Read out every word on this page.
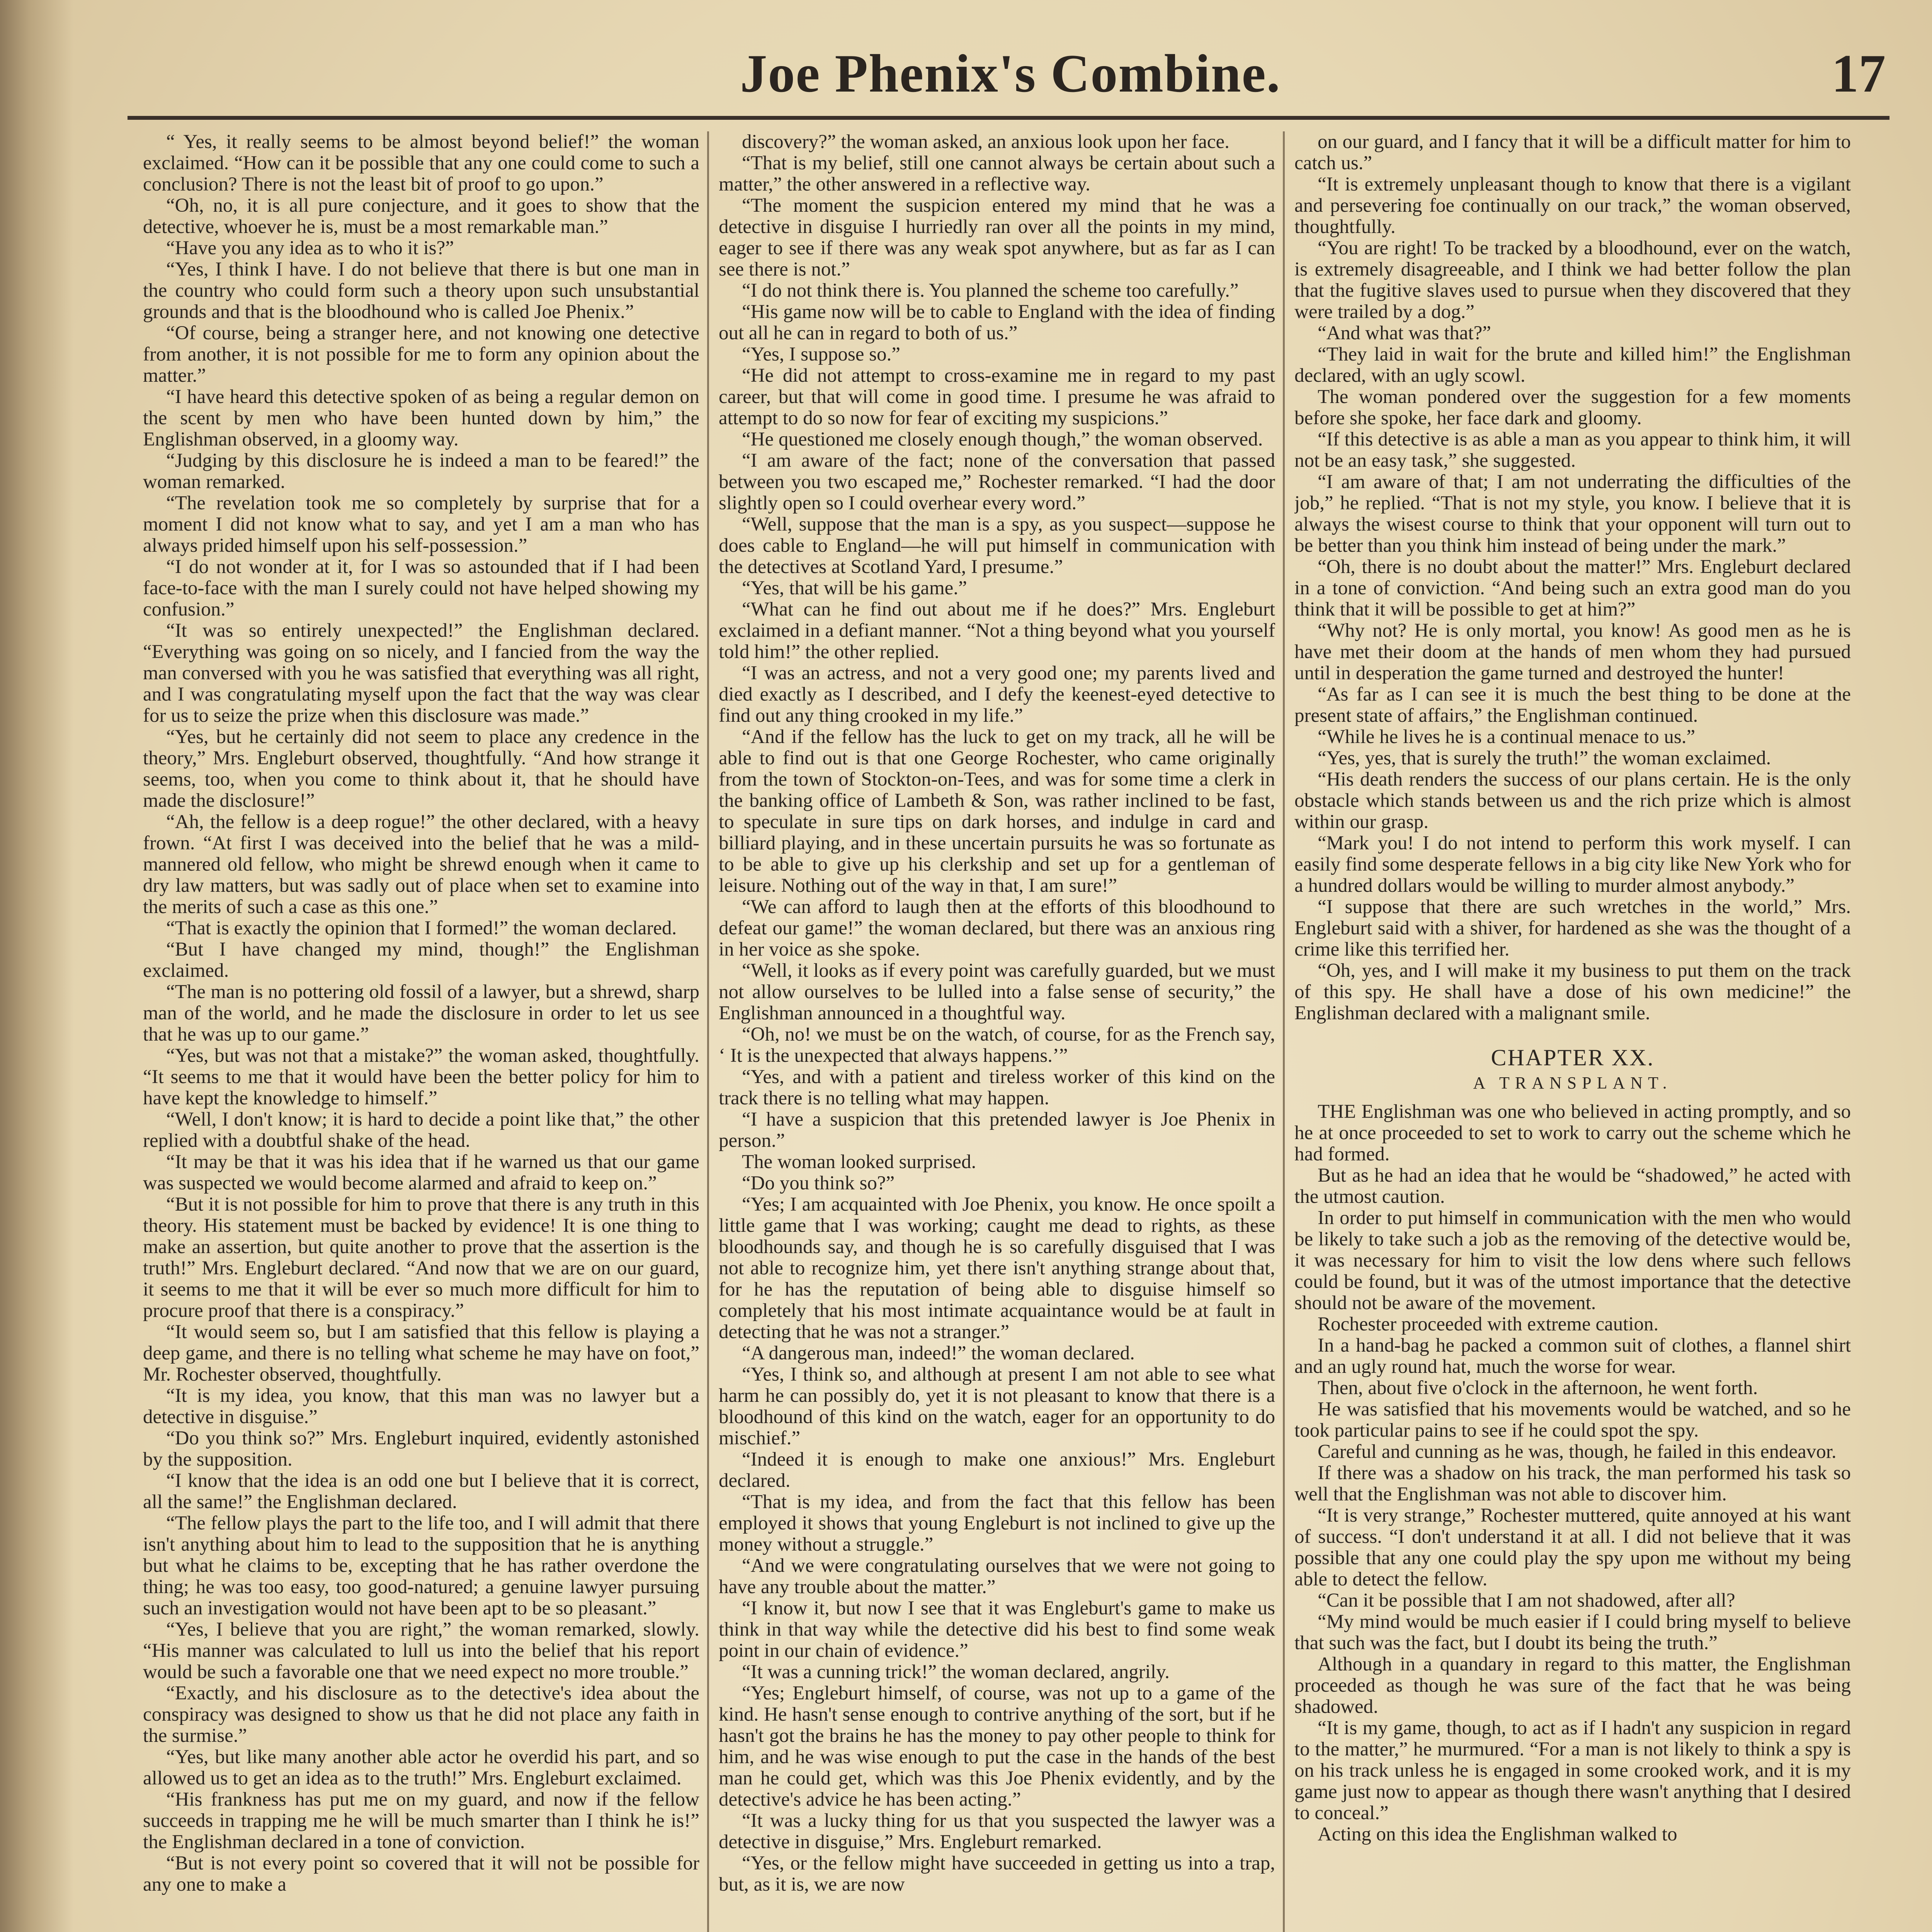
Joe Phenix's Combine.	17

“ Yes, it really seems to be almost beyond belief!” the woman exclaimed. “How can it be possible that any one could come to such a conclusion? There is not the least bit of proof to go upon.”

“Oh, no, it is all pure conjecture, and it goes to show that the detective, whoever he is, must be a most remarkable man.”

“Have you any idea as to who it is?”

“Yes, I think I have. I do not believe that there is but one man in the country who could form such a theory upon such unsubstantial grounds and that is the bloodhound who is called Joe Phenix.”

“Of course, being a stranger here, and not knowing one detective from another, it is not possible for me to form any opinion about the matter.”

“I have heard this detective spoken of as being a regular demon on the scent by men who have been hunted down by him,” the Englishman observed, in a gloomy way.

“Judging by this disclosure he is indeed a man to be feared!” the woman remarked.

“The revelation took me so completely by surprise that for a moment I did not know what to say, and yet I am a man who has always prided himself upon his self-possession.”

“I do not wonder at it, for I was so astounded that if I had been face-to-face with the man I surely could not have helped showing my confusion.”

“It was so entirely unexpected!” the Englishman declared. “Everything was going on so nicely, and I fancied from the way the man conversed with you he was satisfied that everything was all right, and I was congratulating myself upon the fact that the way was clear for us to seize the prize when this disclosure was made.”

“Yes, but he certainly did not seem to place any credence in the theory,” Mrs. Engleburt observed, thoughtfully. “And how strange it seems, too, when you come to think about it, that he should have made the disclosure!”

“Ah, the fellow is a deep rogue!” the other declared, with a heavy frown. “At first I was deceived into the belief that he was a mild-mannered old fellow, who might be shrewd enough when it came to dry law matters, but was sadly out of place when set to examine into the merits of such a case as this one.”

“That is exactly the opinion that I formed!” the woman declared.

“But I have changed my mind, though!” the Englishman exclaimed.

“The man is no pottering old fossil of a lawyer, but a shrewd, sharp man of the world, and he made the disclosure in order to let us see that he was up to our game.”

“Yes, but was not that a mistake?” the woman asked, thoughtfully. “It seems to me that it would have been the better policy for him to have kept the knowledge to himself.”

“Well, I don't know; it is hard to decide a point like that,” the other replied with a doubtful shake of the head.

“It may be that it was his idea that if he warned us that our game was suspected we would become alarmed and afraid to keep on.”

“But it is not possible for him to prove that there is any truth in this theory. His statement must be backed by evidence! It is one thing to make an assertion, but quite another to prove that the assertion is the truth!” Mrs. Engleburt declared. “And now that we are on our guard, it seems to me that it will be ever so much more difficult for him to procure proof that there is a conspiracy.”

“It would seem so, but I am satisfied that this fellow is playing a deep game, and there is no telling what scheme he may have on foot,” Mr. Rochester observed, thoughtfully.

“It is my idea, you know, that this man was no lawyer but a detective in disguise.”

“Do you think so?” Mrs. Engleburt inquired, evidently astonished by the supposition.

“I know that the idea is an odd one but I believe that it is correct, all the same!” the Englishman declared.

“The fellow plays the part to the life too, and I will admit that there isn't anything about him to lead to the supposition that he is anything but what he claims to be, excepting that he has rather overdone the thing; he was too easy, too good-natured; a genuine lawyer pursuing such an investigation would not have been apt to be so pleasant.”

“Yes, I believe that you are right,” the woman remarked, slowly. “His manner was calculated to lull us into the belief that his report would be such a favorable one that we need expect no more trouble.”

“Exactly, and his disclosure as to the detective's idea about the conspiracy was designed to show us that he did not place any faith in the surmise.”

“Yes, but like many another able actor he overdid his part, and so allowed us to get an idea as to the truth!” Mrs. Engleburt exclaimed.

“His frankness has put me on my guard, and now if the fellow succeeds in trapping me he will be much smarter than I think he is!” the Englishman declared in a tone of conviction.

“But is not every point so covered that it will not be possible for any one to make a

discovery?” the woman asked, an anxious look upon her face.

“That is my belief, still one cannot always be certain about such a matter,” the other answered in a reflective way.

“The moment the suspicion entered my mind that he was a detective in disguise I hurriedly ran over all the points in my mind, eager to see if there was any weak spot anywhere, but as far as I can see there is not.”

“I do not think there is. You planned the scheme too carefully.”

“His game now will be to cable to England with the idea of finding out all he can in regard to both of us.”

“Yes, I suppose so.”

“He did not attempt to cross-examine me in regard to my past career, but that will come in good time. I presume he was afraid to attempt to do so now for fear of exciting my suspicions.”

“He questioned me closely enough though,” the woman observed.

“I am aware of the fact; none of the conversation that passed between you two escaped me,” Rochester remarked. “I had the door slightly open so I could overhear every word.”

“Well, suppose that the man is a spy, as you suspect—suppose he does cable to England—he will put himself in communication with the detectives at Scotland Yard, I presume.”

“Yes, that will be his game.”

“What can he find out about me if he does?” Mrs. Engleburt exclaimed in a defiant manner. “Not a thing beyond what you yourself told him!” the other replied.

“I was an actress, and not a very good one; my parents lived and died exactly as I described, and I defy the keenest-eyed detective to find out any thing crooked in my life.”

“And if the fellow has the luck to get on my track, all he will be able to find out is that one George Rochester, who came originally from the town of Stockton-on-Tees, and was for some time a clerk in the banking office of Lambeth & Son, was rather inclined to be fast, to speculate in sure tips on dark horses, and indulge in card and billiard playing, and in these uncertain pursuits he was so fortunate as to be able to give up his clerkship and set up for a gentleman of leisure. Nothing out of the way in that, I am sure!”

“We can afford to laugh then at the efforts of this bloodhound to defeat our game!” the woman declared, but there was an anxious ring in her voice as she spoke.

“Well, it looks as if every point was carefully guarded, but we must not allow ourselves to be lulled into a false sense of security,” the Englishman announced in a thoughtful way.

“Oh, no! we must be on the watch, of course, for as the French say, ‘ It is the unexpected that always happens.’”

“Yes, and with a patient and tireless worker of this kind on the track there is no telling what may happen.

“I have a suspicion that this pretended lawyer is Joe Phenix in person.”

The woman looked surprised.

“Do you think so?”

“Yes; I am acquainted with Joe Phenix, you know. He once spoilt a little game that I was working; caught me dead to rights, as these bloodhounds say, and though he is so carefully disguised that I was not able to recognize him, yet there isn't anything strange about that, for he has the reputation of being able to disguise himself so completely that his most intimate acquaintance would be at fault in detecting that he was not a stranger.”

“A dangerous man, indeed!” the woman declared.

“Yes, I think so, and although at present I am not able to see what harm he can possibly do, yet it is not pleasant to know that there is a bloodhound of this kind on the watch, eager for an opportunity to do mischief.”

“Indeed it is enough to make one anxious!” Mrs. Engleburt declared.

“That is my idea, and from the fact that this fellow has been employed it shows that young Engleburt is not inclined to give up the money without a struggle.”

“And we were congratulating ourselves that we were not going to have any trouble about the matter.”

“I know it, but now I see that it was Engleburt's game to make us think in that way while the detective did his best to find some weak point in our chain of evidence.”

“It was a cunning trick!” the woman declared, angrily.

“Yes; Engleburt himself, of course, was not up to a game of the kind. He hasn't sense enough to contrive anything of the sort, but if he hasn't got the brains he has the money to pay other people to think for him, and he was wise enough to put the case in the hands of the best man he could get, which was this Joe Phenix evidently, and by the detective's advice he has been acting.”

“It was a lucky thing for us that you suspected the lawyer was a detective in disguise,” Mrs. Engleburt remarked.

“Yes, or the fellow might have succeeded in getting us into a trap, but, as it is, we are now

on our guard, and I fancy that it will be a difficult matter for him to catch us.”

“It is extremely unpleasant though to know that there is a vigilant and persevering foe continually on our track,” the woman observed, thoughtfully.

“You are right! To be tracked by a bloodhound, ever on the watch, is extremely disagreeable, and I think we had better follow the plan that the fugitive slaves used to pursue when they discovered that they were trailed by a dog.”

“And what was that?”

“They laid in wait for the brute and killed him!” the Englishman declared, with an ugly scowl.

The woman pondered over the suggestion for a few moments before she spoke, her face dark and gloomy.

“If this detective is as able a man as you appear to think him, it will not be an easy task,” she suggested.

“I am aware of that; I am not underrating the difficulties of the job,” he replied. “That is not my style, you know. I believe that it is always the wisest course to think that your opponent will turn out to be better than you think him instead of being under the mark.”

“Oh, there is no doubt about the matter!” Mrs. Engleburt declared in a tone of conviction. “And being such an extra good man do you think that it will be possible to get at him?”

“Why not? He is only mortal, you know! As good men as he is have met their doom at the hands of men whom they had pursued until in desperation the game turned and destroyed the hunter!

“As far as I can see it is much the best thing to be done at the present state of affairs,” the Englishman continued.

“While he lives he is a continual menace to us.”

“Yes, yes, that is surely the truth!” the woman exclaimed.

“His death renders the success of our plans certain. He is the only obstacle which stands between us and the rich prize which is almost within our grasp.

“Mark you! I do not intend to perform this work myself. I can easily find some desperate fellows in a big city like New York who for a hundred dollars would be willing to murder almost anybody.”

“I suppose that there are such wretches in the world,” Mrs. Engleburt said with a shiver, for hardened as she was the thought of a crime like this terrified her.

“Oh, yes, and I will make it my business to put them on the track of this spy. He shall have a dose of his own medicine!” the Englishman declared with a malignant smile.

CHAPTER XX.
A TRANSPLANT.

THE Englishman was one who believed in acting promptly, and so he at once proceeded to set to work to carry out the scheme which he had formed.

But as he had an idea that he would be “shadowed,” he acted with the utmost caution.

In order to put himself in communication with the men who would be likely to take such a job as the removing of the detective would be, it was necessary for him to visit the low dens where such fellows could be found, but it was of the utmost importance that the detective should not be aware of the movement.

Rochester proceeded with extreme caution.

In a hand-bag he packed a common suit of clothes, a flannel shirt and an ugly round hat, much the worse for wear.

Then, about five o'clock in the afternoon, he went forth.

He was satisfied that his movements would be watched, and so he took particular pains to see if he could spot the spy.

Careful and cunning as he was, though, he failed in this endeavor.

If there was a shadow on his track, the man performed his task so well that the Englishman was not able to discover him.

“It is very strange,” Rochester muttered, quite annoyed at his want of success. “I don't understand it at all. I did not believe that it was possible that any one could play the spy upon me without my being able to detect the fellow.

“Can it be possible that I am not shadowed, after all?

“My mind would be much easier if I could bring myself to believe that such was the fact, but I doubt its being the truth.”

Although in a quandary in regard to this matter, the Englishman proceeded as though he was sure of the fact that he was being shadowed.

“It is my game, though, to act as if I hadn't any suspicion in regard to the matter,” he murmured. “For a man is not likely to think a spy is on his track unless he is engaged in some crooked work, and it is my game just now to appear as though there wasn't anything that I desired to conceal.”

Acting on this idea the Englishman walked to
